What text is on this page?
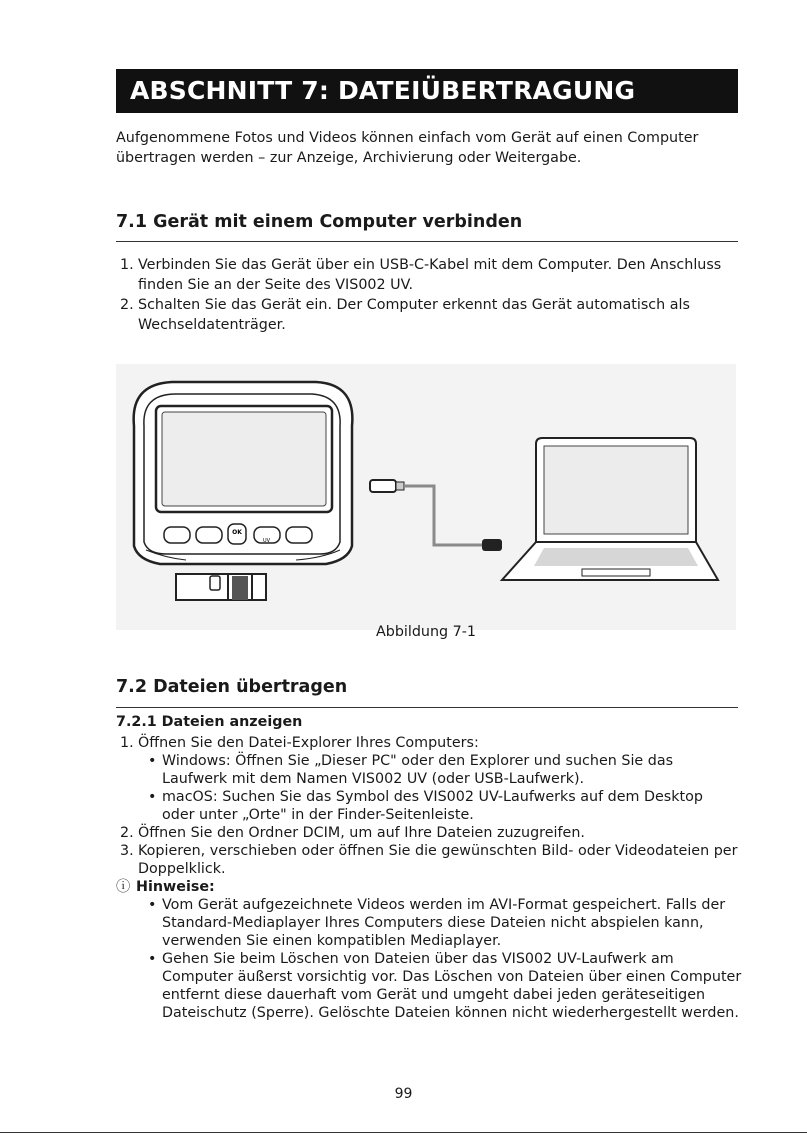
ABSCHNITT 7: DATEIÜBERTRAGUNG
Aufgenommene Fotos und Videos können einfach vom Gerät auf einen Computer
übertragen werden – zur Anzeige, Archivierung oder Weitergabe.
7.1 Gerät mit einem Computer verbinden
1. Verbinden Sie das Gerät über ein USB-C-Kabel mit dem Computer. Den Anschluss
finden Sie an der Seite des VIS002 UV.
2. Schalten Sie das Gerät ein. Der Computer erkennt das Gerät automatisch als
Wechseldatenträger.
OK
UV
Abbildung 7-1
7.2 Dateien übertragen
7.2.1 Dateien anzeigen
1. Öffnen Sie den Datei-Explorer Ihres Computers:
• Windows: Öffnen Sie „Dieser PC" oder den Explorer und suchen Sie das
Laufwerk mit dem Namen VIS002 UV (oder USB-Laufwerk).
• macOS: Suchen Sie das Symbol des VIS002 UV-Laufwerks auf dem Desktop
oder unter „Orte" in der Finder-Seitenleiste.
2. Öffnen Sie den Ordner DCIM, um auf Ihre Dateien zuzugreifen.
3. Kopieren, verschieben oder öffnen Sie die gewünschten Bild- oder Videodateien per
Doppelklick.
ⓘ Hinweise:
• Vom Gerät aufgezeichnete Videos werden im AVI-Format gespeichert. Falls der
Standard-Mediaplayer Ihres Computers diese Dateien nicht abspielen kann,
verwenden Sie einen kompatiblen Mediaplayer.
• Gehen Sie beim Löschen von Dateien über das VIS002 UV-Laufwerk am
Computer äußerst vorsichtig vor. Das Löschen von Dateien über einen Computer
entfernt diese dauerhaft vom Gerät und umgeht dabei jeden geräteseitigen
Dateischutz (Sperre). Gelöschte Dateien können nicht wiederhergestellt werden.
99
